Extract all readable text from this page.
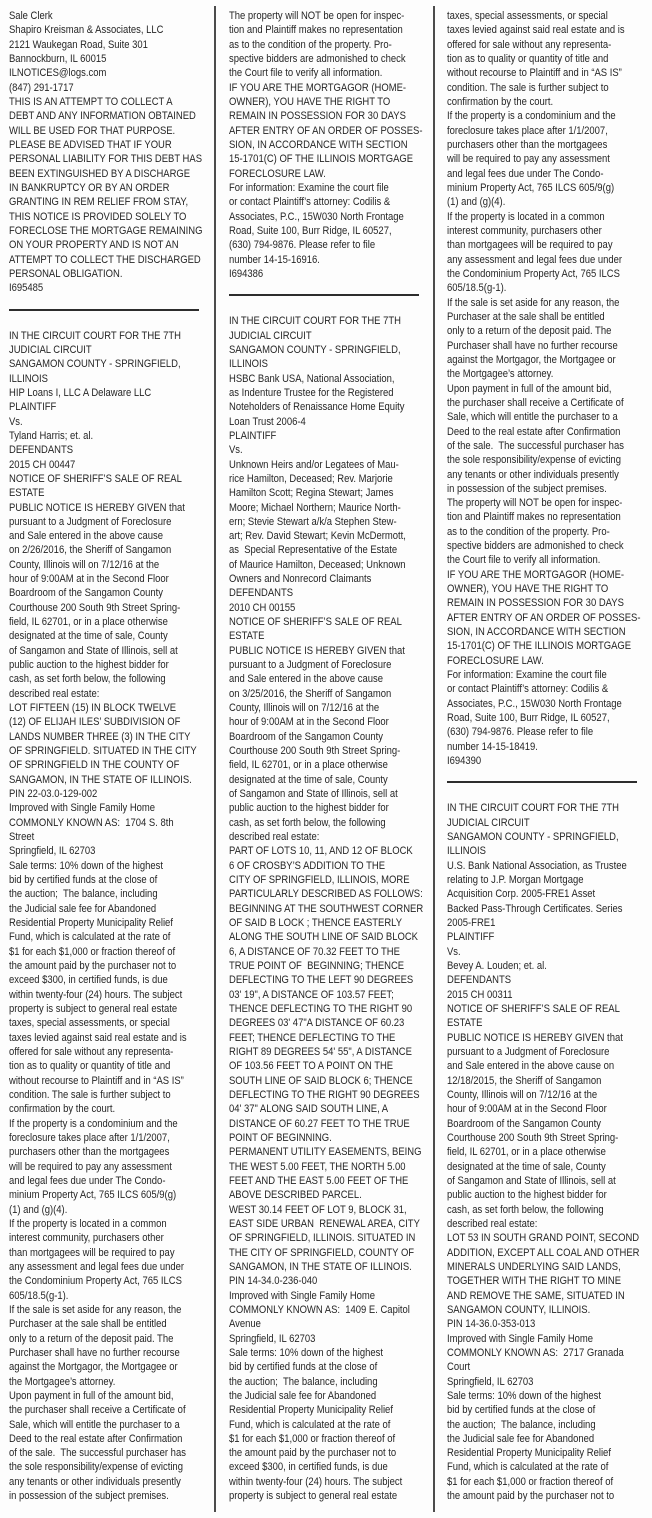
Sale Clerk
Shapiro Kreisman & Associates, LLC
2121 Waukegan Road, Suite 301
Bannockburn, IL 60015
ILNOTICES@logs.com
(847) 291-1717
THIS IS AN ATTEMPT TO COLLECT A
DEBT AND ANY INFORMATION OBTAINED
WILL BE USED FOR THAT PURPOSE.
PLEASE BE ADVISED THAT IF YOUR
PERSONAL LIABILITY FOR THIS DEBT HAS
BEEN EXTINGUISHED BY A DISCHARGE
IN BANKRUPTCY OR BY AN ORDER
GRANTING IN REM RELIEF FROM STAY,
THIS NOTICE IS PROVIDED SOLELY TO
FORECLOSE THE MORTGAGE REMAINING
ON YOUR PROPERTY AND IS NOT AN
ATTEMPT TO COLLECT THE DISCHARGED
PERSONAL OBLIGATION.
I695485
IN THE CIRCUIT COURT FOR THE 7TH
JUDICIAL CIRCUIT
SANGAMON COUNTY - SPRINGFIELD,
ILLINOIS
HIP Loans I, LLC A Delaware LLC
PLAINTIFF
Vs.
Tyland Harris; et. al.
DEFENDANTS
2015 CH 00447
NOTICE OF SHERIFF’S SALE OF REAL
ESTATE
PUBLIC NOTICE IS HEREBY GIVEN that
pursuant to a Judgment of Foreclosure
and Sale entered in the above cause
on 2/26/2016, the Sheriff of Sangamon
County, Illinois will on 7/12/16 at the
hour of 9:00AM at in the Second Floor
Boardroom of the Sangamon County
Courthouse 200 South 9th Street Spring-
field, IL 62701, or in a place otherwise
designated at the time of sale, County
of Sangamon and State of Illinois, sell at
public auction to the highest bidder for
cash, as set forth below, the following
described real estate:
LOT FIFTEEN (15) IN BLOCK TWELVE
(12) OF ELIJAH ILES’ SUBDIVISION OF
LANDS NUMBER THREE (3) IN THE CITY
OF SPRINGFIELD. SITUATED IN THE CITY
OF SPRINGFIELD IN THE COUNTY OF
SANGAMON, IN THE STATE OF ILLINOIS.
PIN 22-03.0-129-002
Improved with Single Family Home
COMMONLY KNOWN AS:  1704 S. 8th
Street
Springfield, IL 62703
Sale terms: 10% down of the highest
bid by certified funds at the close of
the auction;  The balance, including
the Judicial sale fee for Abandoned
Residential Property Municipality Relief
Fund, which is calculated at the rate of
$1 for each $1,000 or fraction thereof of
the amount paid by the purchaser not to
exceed $300, in certified funds, is due
within twenty-four (24) hours. The subject
property is subject to general real estate
taxes, special assessments, or special
taxes levied against said real estate and is
offered for sale without any representa-
tion as to quality or quantity of title and
without recourse to Plaintiff and in “AS IS”
condition. The sale is further subject to
confirmation by the court.
If the property is a condominium and the
foreclosure takes place after 1/1/2007,
purchasers other than the mortgagees
will be required to pay any assessment
and legal fees due under The Condo-
minium Property Act, 765 ILCS 605/9(g)
(1) and (g)(4).
If the property is located in a common
interest community, purchasers other
than mortgagees will be required to pay
any assessment and legal fees due under
the Condominium Property Act, 765 ILCS
605/18.5(g-1).
If the sale is set aside for any reason, the
Purchaser at the sale shall be entitled
only to a return of the deposit paid. The
Purchaser shall have no further recourse
against the Mortgagor, the Mortgagee or
the Mortgagee’s attorney.
Upon payment in full of the amount bid,
the purchaser shall receive a Certificate of
Sale, which will entitle the purchaser to a
Deed to the real estate after Confirmation
of the sale.  The successful purchaser has
the sole responsibility/expense of evicting
any tenants or other individuals presently
in possession of the subject premises.
The property will NOT be open for inspec-
tion and Plaintiff makes no representation
as to the condition of the property. Pro-
spective bidders are admonished to check
the Court file to verify all information.
IF YOU ARE THE MORTGAGOR (HOME-
OWNER), YOU HAVE THE RIGHT TO
REMAIN IN POSSESSION FOR 30 DAYS
AFTER ENTRY OF AN ORDER OF POSSES-
SION, IN ACCORDANCE WITH SECTION
15-1701(C) OF THE ILLINOIS MORTGAGE
FORECLOSURE LAW.
For information: Examine the court file
or contact Plaintiff’s attorney: Codilis &
Associates, P.C., 15W030 North Frontage
Road, Suite 100, Burr Ridge, IL 60527,
(630) 794-9876. Please refer to file
number 14-15-16916.
I694386
IN THE CIRCUIT COURT FOR THE 7TH
JUDICIAL CIRCUIT
SANGAMON COUNTY - SPRINGFIELD,
ILLINOIS
HSBC Bank USA, National Association,
as Indenture Trustee for the Registered
Noteholders of Renaissance Home Equity
Loan Trust 2006-4
PLAINTIFF
Vs.
Unknown Heirs and/or Legatees of Mau-
rice Hamilton, Deceased; Rev. Marjorie
Hamilton Scott; Regina Stewart; James
Moore; Michael Northern; Maurice North-
ern; Stevie Stewart a/k/a Stephen Stew-
art; Rev. David Stewart; Kevin McDermott,
as  Special Representative of the Estate
of Maurice Hamilton, Deceased; Unknown
Owners and Nonrecord Claimants
DEFENDANTS
2010 CH 00155
NOTICE OF SHERIFF’S SALE OF REAL
ESTATE
PUBLIC NOTICE IS HEREBY GIVEN that
pursuant to a Judgment of Foreclosure
and Sale entered in the above cause
on 3/25/2016, the Sheriff of Sangamon
County, Illinois will on 7/12/16 at the
hour of 9:00AM at in the Second Floor
Boardroom of the Sangamon County
Courthouse 200 South 9th Street Spring-
field, IL 62701, or in a place otherwise
designated at the time of sale, County
of Sangamon and State of Illinois, sell at
public auction to the highest bidder for
cash, as set forth below, the following
described real estate:
PART OF LOTS 10, 11, AND 12 OF BLOCK
6 OF CROSBY’S ADDITION TO THE
CITY OF SPRINGFIELD, ILLINOIS, MORE
PARTICULARLY DESCRIBED AS FOLLOWS:
BEGINNING AT THE SOUTHWEST CORNER
OF SAID B LOCK ; THENCE EASTERLY
ALONG THE SOUTH LINE OF SAID BLOCK
6, A DISTANCE OF 70.32 FEET TO THE
TRUE POINT OF  BEGINNING; THENCE
DEFLECTING TO THE LEFT 90 DEGREES
03' 19", A DISTANCE OF 103.57 FEET;
THENCE DEFLECTING TO THE RIGHT 90
DEGREES 03' 47"A DISTANCE OF 60.23
FEET; THENCE DEFLECTING TO THE
RIGHT 89 DEGREES 54' 55", A DISTANCE
OF 103.56 FEET TO A POINT ON THE
SOUTH LINE OF SAID BLOCK 6; THENCE
DEFLECTING TO THE RIGHT 90 DEGREES
04' 37" ALONG SAID SOUTH LINE, A
DISTANCE OF 60.27 FEET TO THE TRUE
POINT OF BEGINNING.
PERMANENT UTILITY EASEMENTS, BEING
THE WEST 5.00 FEET, THE NORTH 5.00
FEET AND THE EAST 5.00 FEET OF THE
ABOVE DESCRIBED PARCEL.
WEST 30.14 FEET OF LOT 9, BLOCK 31,
EAST SIDE URBAN  RENEWAL AREA, CITY
OF SPRINGFIELD, ILLINOIS. SITUATED IN
THE CITY OF SPRINGFIELD, COUNTY OF
SANGAMON, IN THE STATE OF ILLINOIS.
PIN 14-34.0-236-040
Improved with Single Family Home
COMMONLY KNOWN AS:  1409 E. Capitol
Avenue
Springfield, IL 62703
Sale terms: 10% down of the highest
bid by certified funds at the close of
the auction;  The balance, including
the Judicial sale fee for Abandoned
Residential Property Municipality Relief
Fund, which is calculated at the rate of
$1 for each $1,000 or fraction thereof of
the amount paid by the purchaser not to
exceed $300, in certified funds, is due
within twenty-four (24) hours. The subject
property is subject to general real estate
taxes, special assessments, or special
taxes levied against said real estate and is
offered for sale without any representa-
tion as to quality or quantity of title and
without recourse to Plaintiff and in “AS IS”
condition. The sale is further subject to
confirmation by the court.
If the property is a condominium and the
foreclosure takes place after 1/1/2007,
purchasers other than the mortgagees
will be required to pay any assessment
and legal fees due under The Condo-
minium Property Act, 765 ILCS 605/9(g)
(1) and (g)(4).
If the property is located in a common
interest community, purchasers other
than mortgagees will be required to pay
any assessment and legal fees due under
the Condominium Property Act, 765 ILCS
605/18.5(g-1).
If the sale is set aside for any reason, the
Purchaser at the sale shall be entitled
only to a return of the deposit paid. The
Purchaser shall have no further recourse
against the Mortgagor, the Mortgagee or
the Mortgagee’s attorney.
Upon payment in full of the amount bid,
the purchaser shall receive a Certificate of
Sale, which will entitle the purchaser to a
Deed to the real estate after Confirmation
of the sale.  The successful purchaser has
the sole responsibility/expense of evicting
any tenants or other individuals presently
in possession of the subject premises.
The property will NOT be open for inspec-
tion and Plaintiff makes no representation
as to the condition of the property. Pro-
spective bidders are admonished to check
the Court file to verify all information.
IF YOU ARE THE MORTGAGOR (HOME-
OWNER), YOU HAVE THE RIGHT TO
REMAIN IN POSSESSION FOR 30 DAYS
AFTER ENTRY OF AN ORDER OF POSSES-
SION, IN ACCORDANCE WITH SECTION
15-1701(C) OF THE ILLINOIS MORTGAGE
FORECLOSURE LAW.
For information: Examine the court file
or contact Plaintiff’s attorney: Codilis &
Associates, P.C., 15W030 North Frontage
Road, Suite 100, Burr Ridge, IL 60527,
(630) 794-9876. Please refer to file
number 14-15-18419.
I694390
IN THE CIRCUIT COURT FOR THE 7TH
JUDICIAL CIRCUIT
SANGAMON COUNTY - SPRINGFIELD,
ILLINOIS
U.S. Bank National Association, as Trustee
relating to J.P. Morgan Mortgage
Acquisition Corp. 2005-FRE1 Asset
Backed Pass-Through Certificates. Series
2005-FRE1
PLAINTIFF
Vs.
Bevey A. Louden; et. al.
DEFENDANTS
2015 CH 00311
NOTICE OF SHERIFF’S SALE OF REAL
ESTATE
PUBLIC NOTICE IS HEREBY GIVEN that
pursuant to a Judgment of Foreclosure
and Sale entered in the above cause on
12/18/2015, the Sheriff of Sangamon
County, Illinois will on 7/12/16 at the
hour of 9:00AM at in the Second Floor
Boardroom of the Sangamon County
Courthouse 200 South 9th Street Spring-
field, IL 62701, or in a place otherwise
designated at the time of sale, County
of Sangamon and State of Illinois, sell at
public auction to the highest bidder for
cash, as set forth below, the following
described real estate:
LOT 53 IN SOUTH GRAND POINT, SECOND
ADDITION, EXCEPT ALL COAL AND OTHER
MINERALS UNDERLYING SAID LANDS,
TOGETHER WITH THE RIGHT TO MINE
AND REMOVE THE SAME, SITUATED IN
SANGAMON COUNTY, ILLINOIS.
PIN 14-36.0-353-013
Improved with Single Family Home
COMMONLY KNOWN AS:  2717 Granada
Court
Springfield, IL 62703
Sale terms: 10% down of the highest
bid by certified funds at the close of
the auction;  The balance, including
the Judicial sale fee for Abandoned
Residential Property Municipality Relief
Fund, which is calculated at the rate of
$1 for each $1,000 or fraction thereof of
the amount paid by the purchaser not to
